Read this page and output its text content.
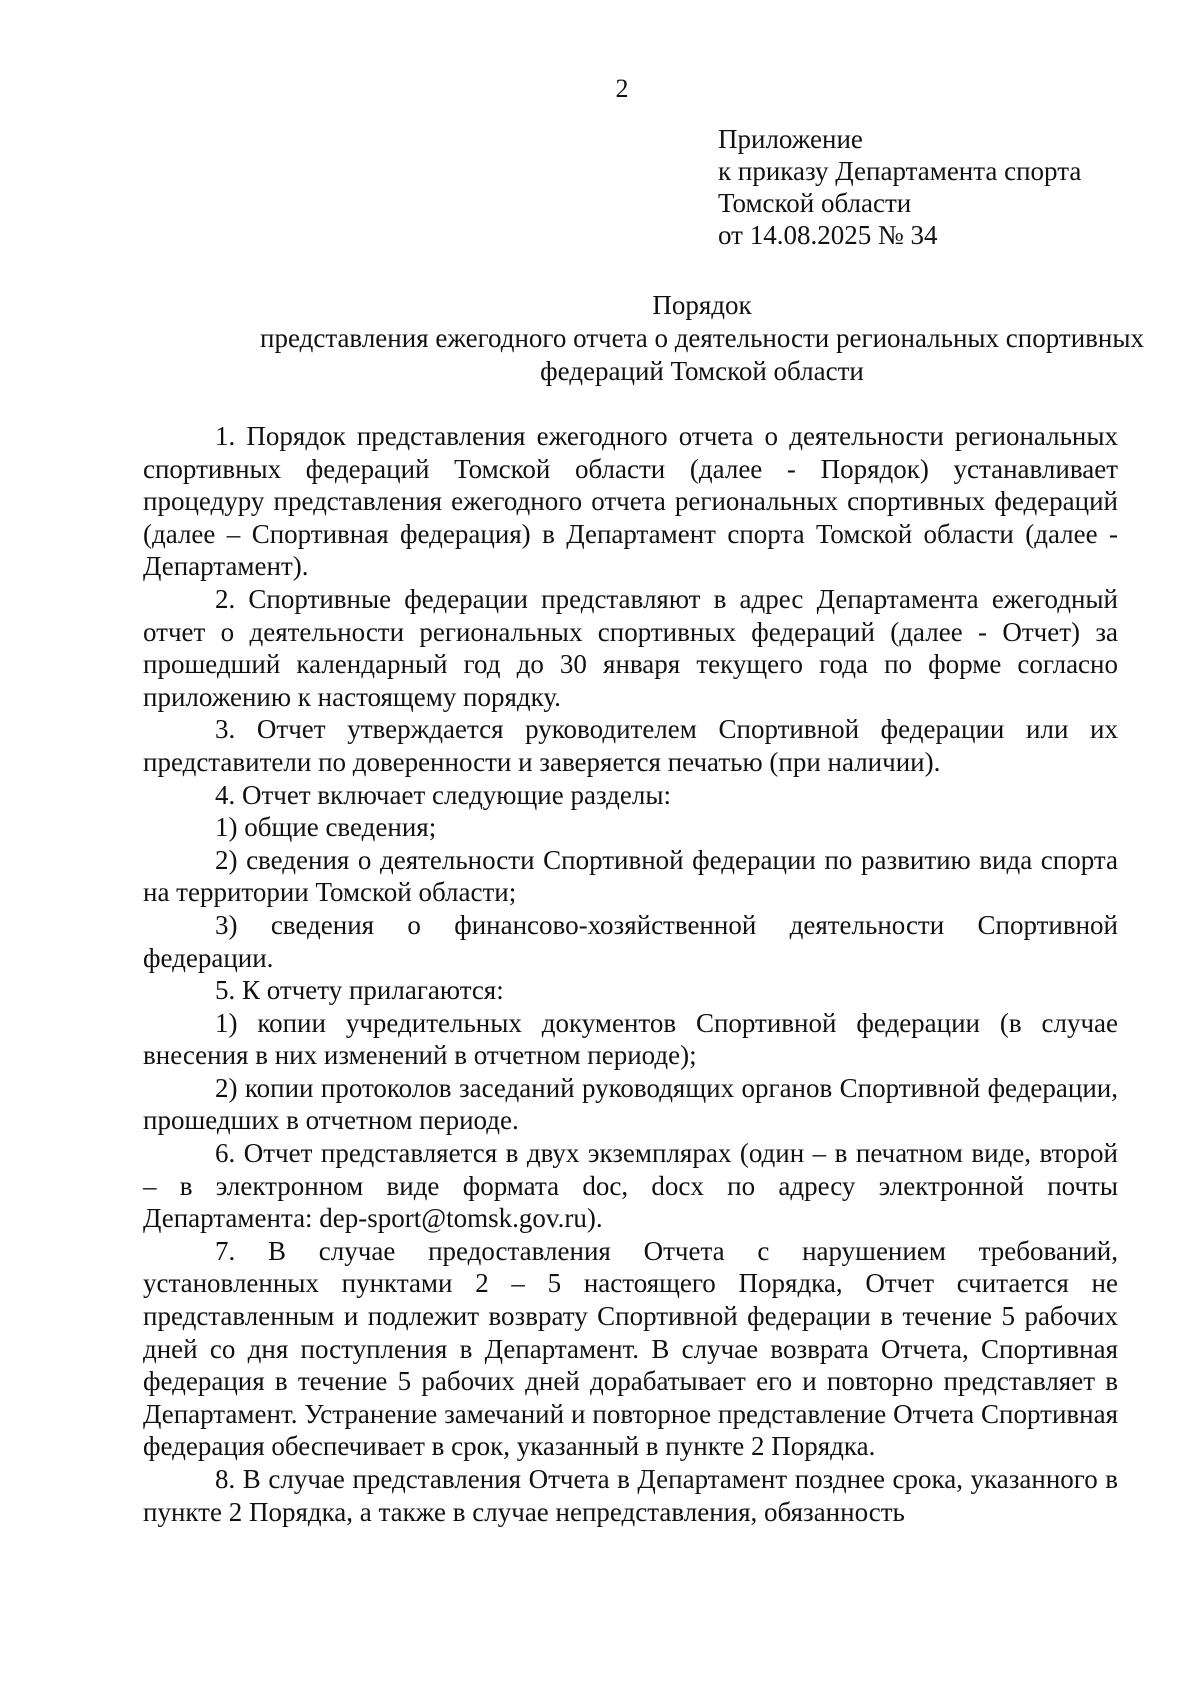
2
Приложение
к приказу Департамента спорта
Томской области
от 14.08.2025 № 34
Порядок
представления ежегодного отчета о деятельности региональных спортивных
федераций Томской области

1. Порядок представления ежегодного отчета о деятельности региональных спортивных федераций Томской области (далее - Порядок) устанавливает процедуру представления ежегодного отчета региональных спортивных федераций (далее – Спортивная федерация) в Департамент спорта Томской области (далее - Департамент).

2. Спортивные федерации представляют в адрес Департамента ежегодный отчет о деятельности региональных спортивных федераций (далее - Отчет) за прошедший календарный год до 30 января текущего года по форме согласно приложению к настоящему порядку.

3. Отчет утверждается руководителем Спортивной федерации или их представители по доверенности и заверяется печатью (при наличии).

4. Отчет включает следующие разделы:

1) общие сведения;

2) сведения о деятельности Спортивной федерации по развитию вида спорта на территории Томской области;

3) сведения о финансово-хозяйственной деятельности Спортивной федерации.

5. К отчету прилагаются:

1) копии учредительных документов Спортивной федерации (в случае внесения в них изменений в отчетном периоде);

2) копии протоколов заседаний руководящих органов Спортивной федерации, прошедших в отчетном периоде.

6. Отчет представляется в двух экземплярах (один – в печатном виде, второй – в электронном виде формата doc, docx по адресу электронной почты Департамента: dep-sport@tomsk.gov.ru).

7. В случае предоставления Отчета с нарушением требований, установленных пунктами 2 – 5 настоящего Порядка, Отчет считается не представленным и подлежит возврату Спортивной федерации в течение 5 рабочих дней со дня поступления в Департамент. В случае возврата Отчета, Спортивная федерация в течение 5 рабочих дней дорабатывает его и повторно представляет в Департамент. Устранение замечаний и повторное представление Отчета Спортивная федерация обеспечивает в срок, указанный в пункте 2 Порядка.

8. В случае представления Отчета в Департамент позднее срока, указанного в пункте 2 Порядка, а также в случае непредставления, обязанность
